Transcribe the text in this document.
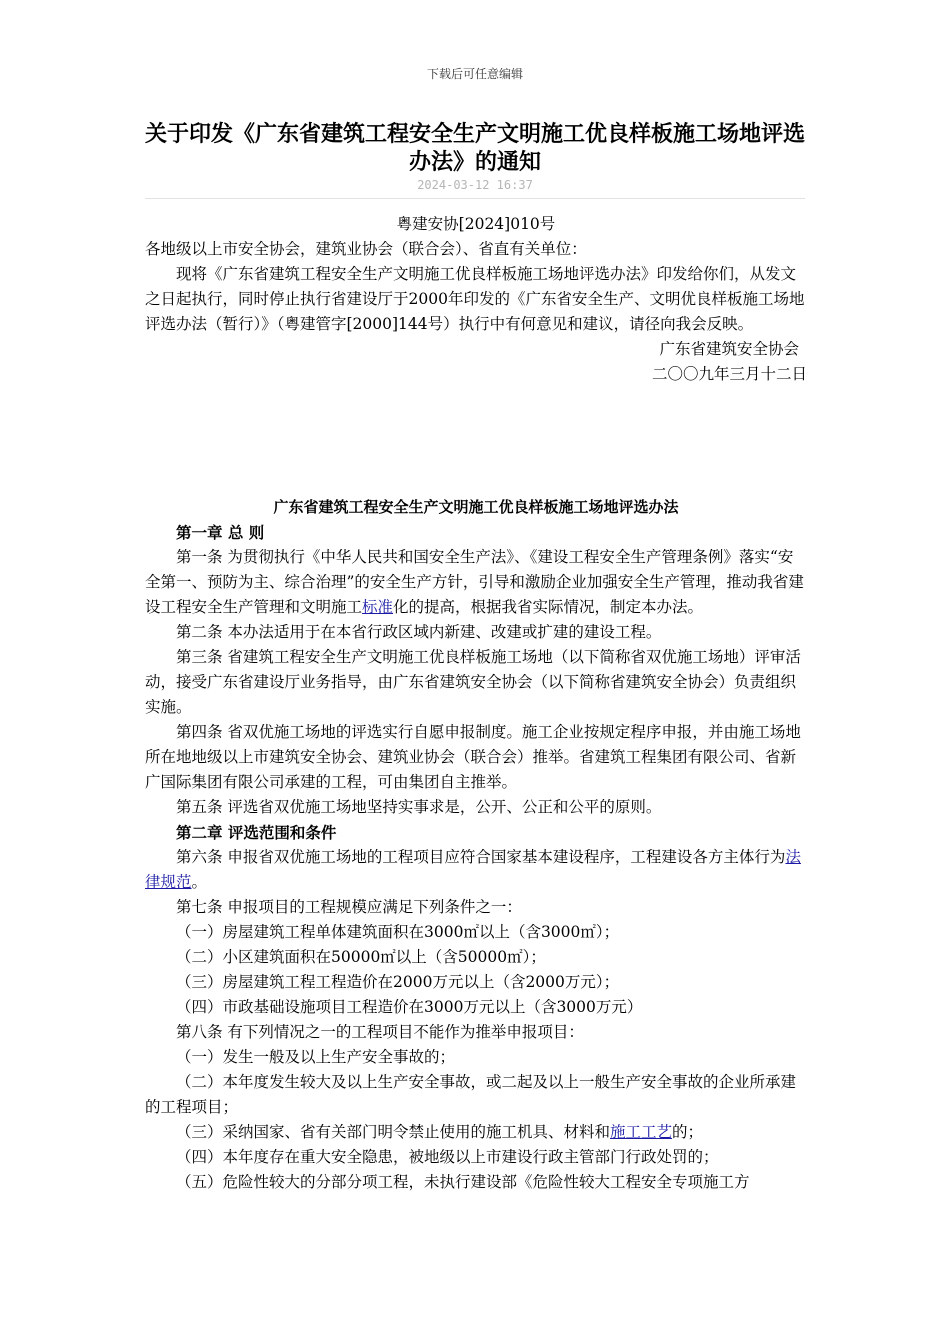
下载后可任意编辑
关于印发《广东省建筑工程安全生产文明施工优良样板施工场地评选办法》的通知
2024-03-12 16:37

粤建安协[2024]010号

各地级以上市安全协会，建筑业协会（联合会）、省直有关单位：

现将《广东省建筑工程安全生产文明施工优良样板施工场地评选办法》印发给你们，从发文之日起执行，同时停止执行省建设厅于2000年印发的《广东省安全生产、文明优良样板施工场地评选办法（暂行）》（粤建管字[2000]144号）执行中有何意见和建议，请径向我会反映。

广东省建筑安全协会

二〇〇九年三月十二日

广东省建筑工程安全生产文明施工优良样板施工场地评选办法

第一章 总 则

第一条 为贯彻执行《中华人民共和国安全生产法》、《建设工程安全生产管理条例》落实“安全第一、预防为主、综合治理”的安全生产方针，引导和激励企业加强安全生产管理，推动我省建设工程安全生产管理和文明施工标准化的提高，根据我省实际情况，制定本办法。

第二条 本办法适用于在本省行政区域内新建、改建或扩建的建设工程。

第三条 省建筑工程安全生产文明施工优良样板施工场地（以下简称省双优施工场地）评审活动，接受广东省建设厅业务指导，由广东省建筑安全协会（以下简称省建筑安全协会）负责组织实施。

第四条 省双优施工场地的评选实行自愿申报制度。施工企业按规定程序申报，并由施工场地所在地地级以上市建筑安全协会、建筑业协会（联合会）推举。省建筑工程集团有限公司、省新广国际集团有限公司承建的工程，可由集团自主推举。

第五条 评选省双优施工场地坚持实事求是，公开、公正和公平的原则。

第二章 评选范围和条件

第六条 申报省双优施工场地的工程项目应符合国家基本建设程序，工程建设各方主体行为法律规范。

第七条 申报项目的工程规模应满足下列条件之一：

（一）房屋建筑工程单体建筑面积在3000㎡以上（含3000㎡）；

（二）小区建筑面积在50000㎡以上（含50000㎡）；

（三）房屋建筑工程工程造价在2000万元以上（含2000万元）；

（四）市政基础设施项目工程造价在3000万元以上（含3000万元）

第八条 有下列情况之一的工程项目不能作为推举申报项目：

（一）发生一般及以上生产安全事故的；

（二）本年度发生较大及以上生产安全事故，或二起及以上一般生产安全事故的企业所承建的工程项目；

（三）采纳国家、省有关部门明令禁止使用的施工机具、材料和施工工艺的；

（四）本年度存在重大安全隐患，被地级以上市建设行政主管部门行政处罚的；

（五）危险性较大的分部分项工程，未执行建设部《危险性较大工程安全专项施工方
